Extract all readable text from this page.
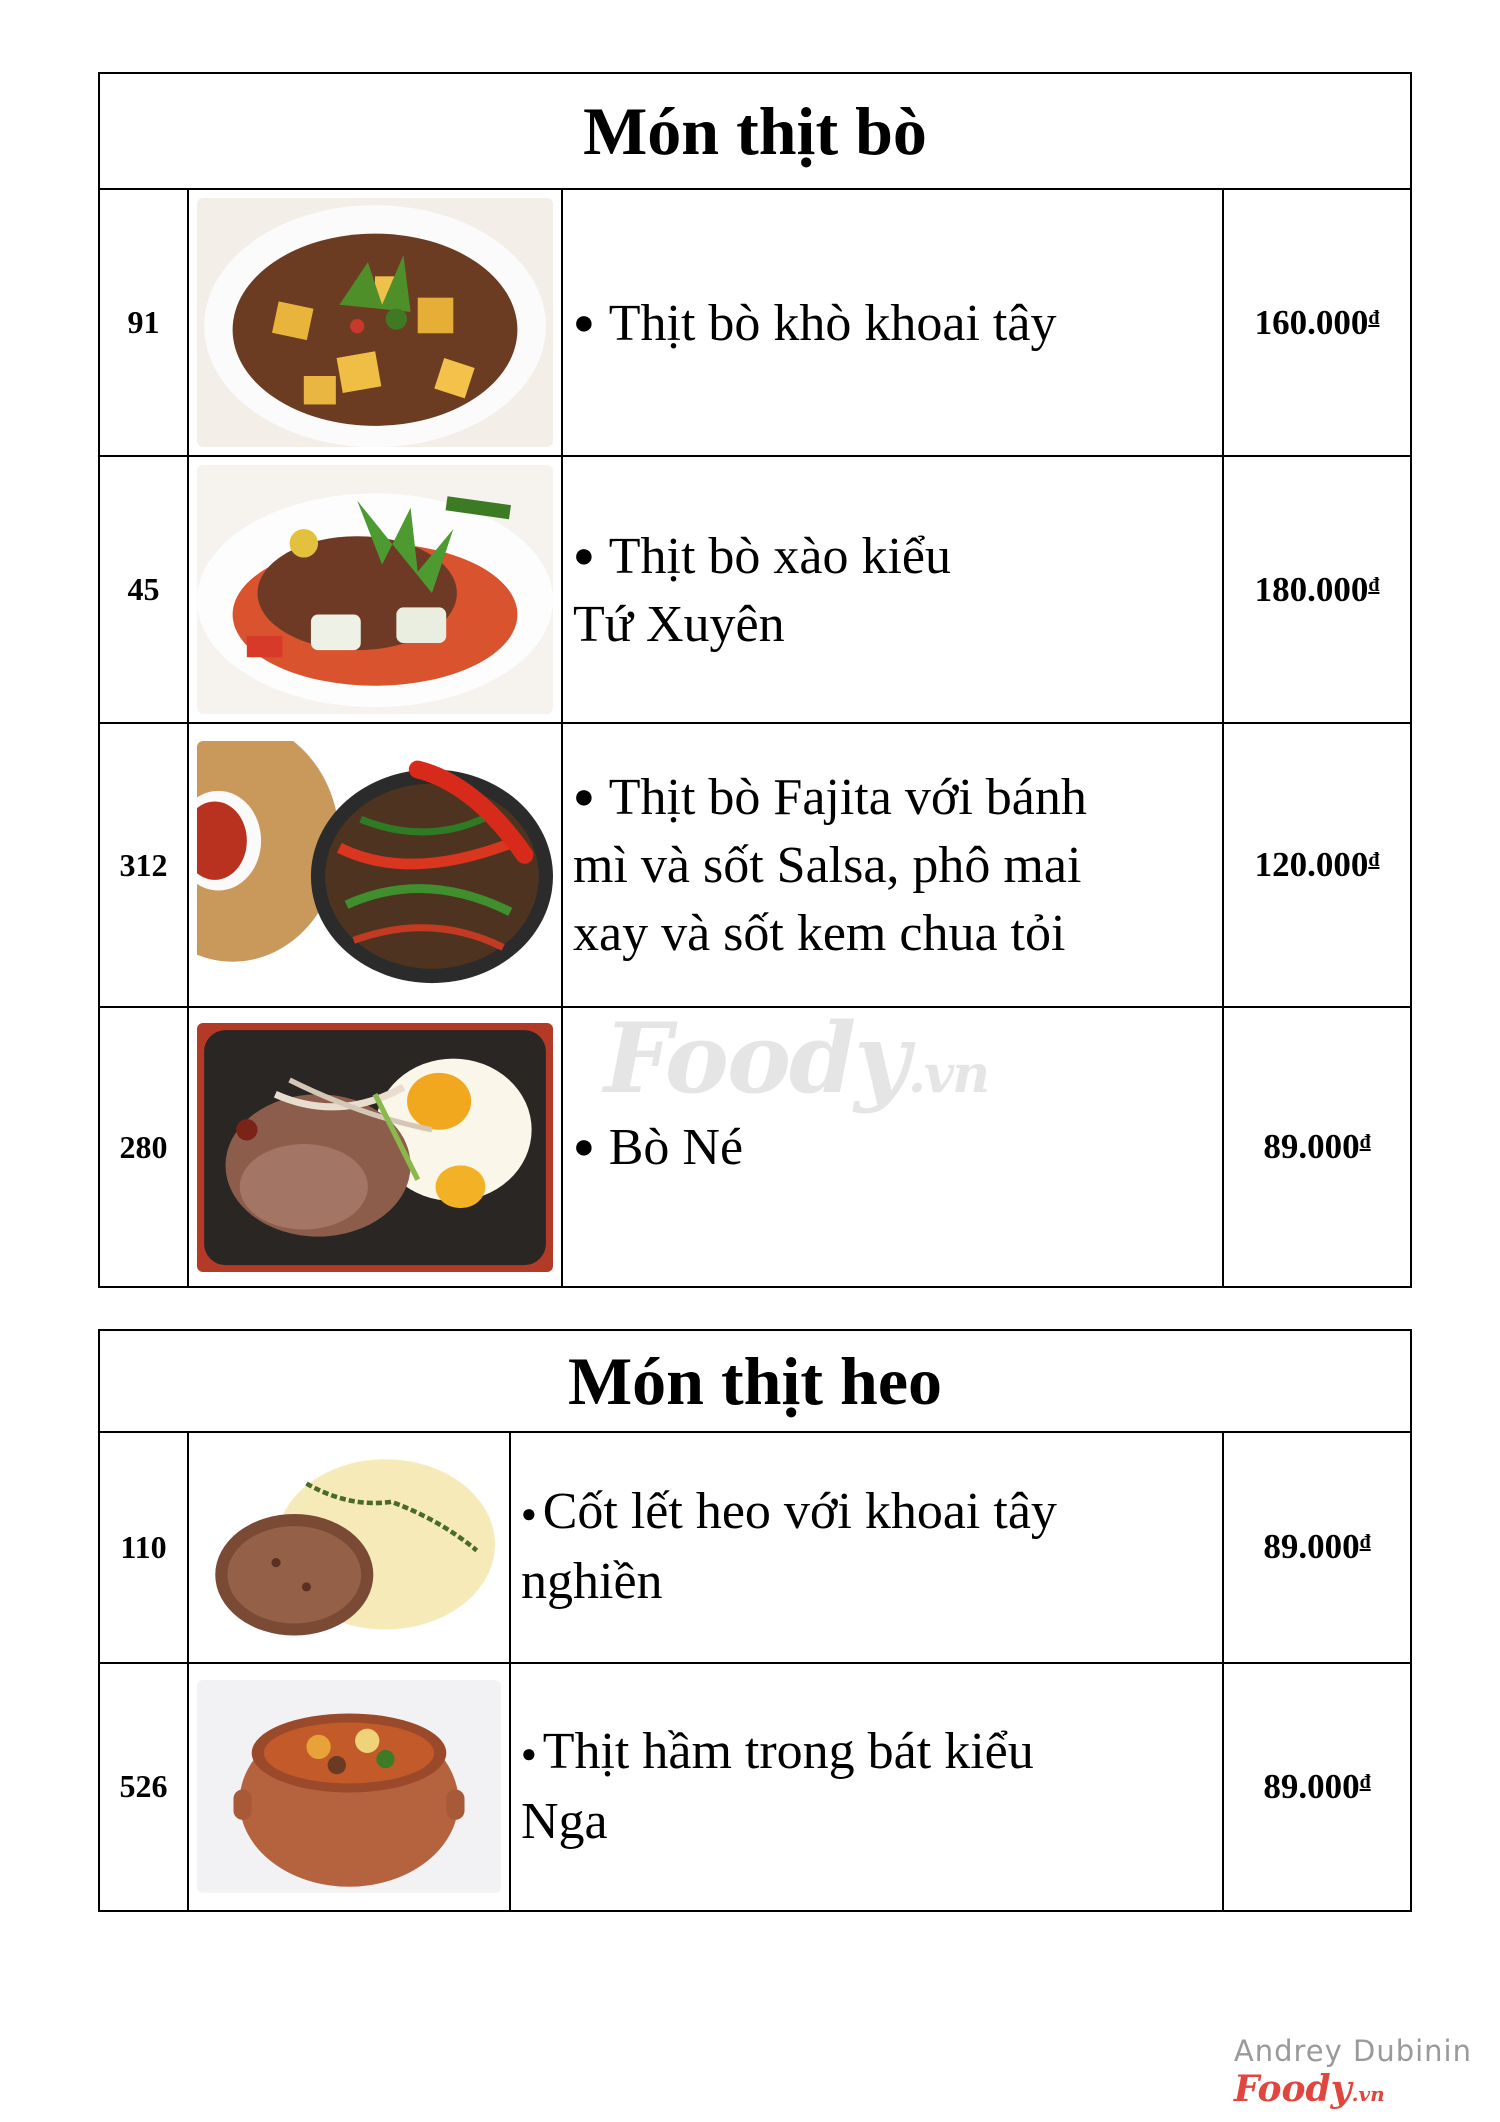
Món thịt bò			
91		● Thịt bò khò khoai tây	$160.000^đ$
45		● Thịt bò xào kiểu
Tứ Xuyên	$180.000^đ$
312		● Thịt bò Fajita với bánh
mì và sốt Salsa, phô mai
xay và sốt kem chua tỏi	$120.000^đ$
280		● Bò Né	$89.000^đ$
Món thịt heo			
110		● Cốt lết heo với khoai tây
nghiền	$89.000^đ$
526		● Thịt hầm trong bát kiểu
Nga	$89.000^đ$
Foody.vn
Andrey Dubinin
Foody.vn
